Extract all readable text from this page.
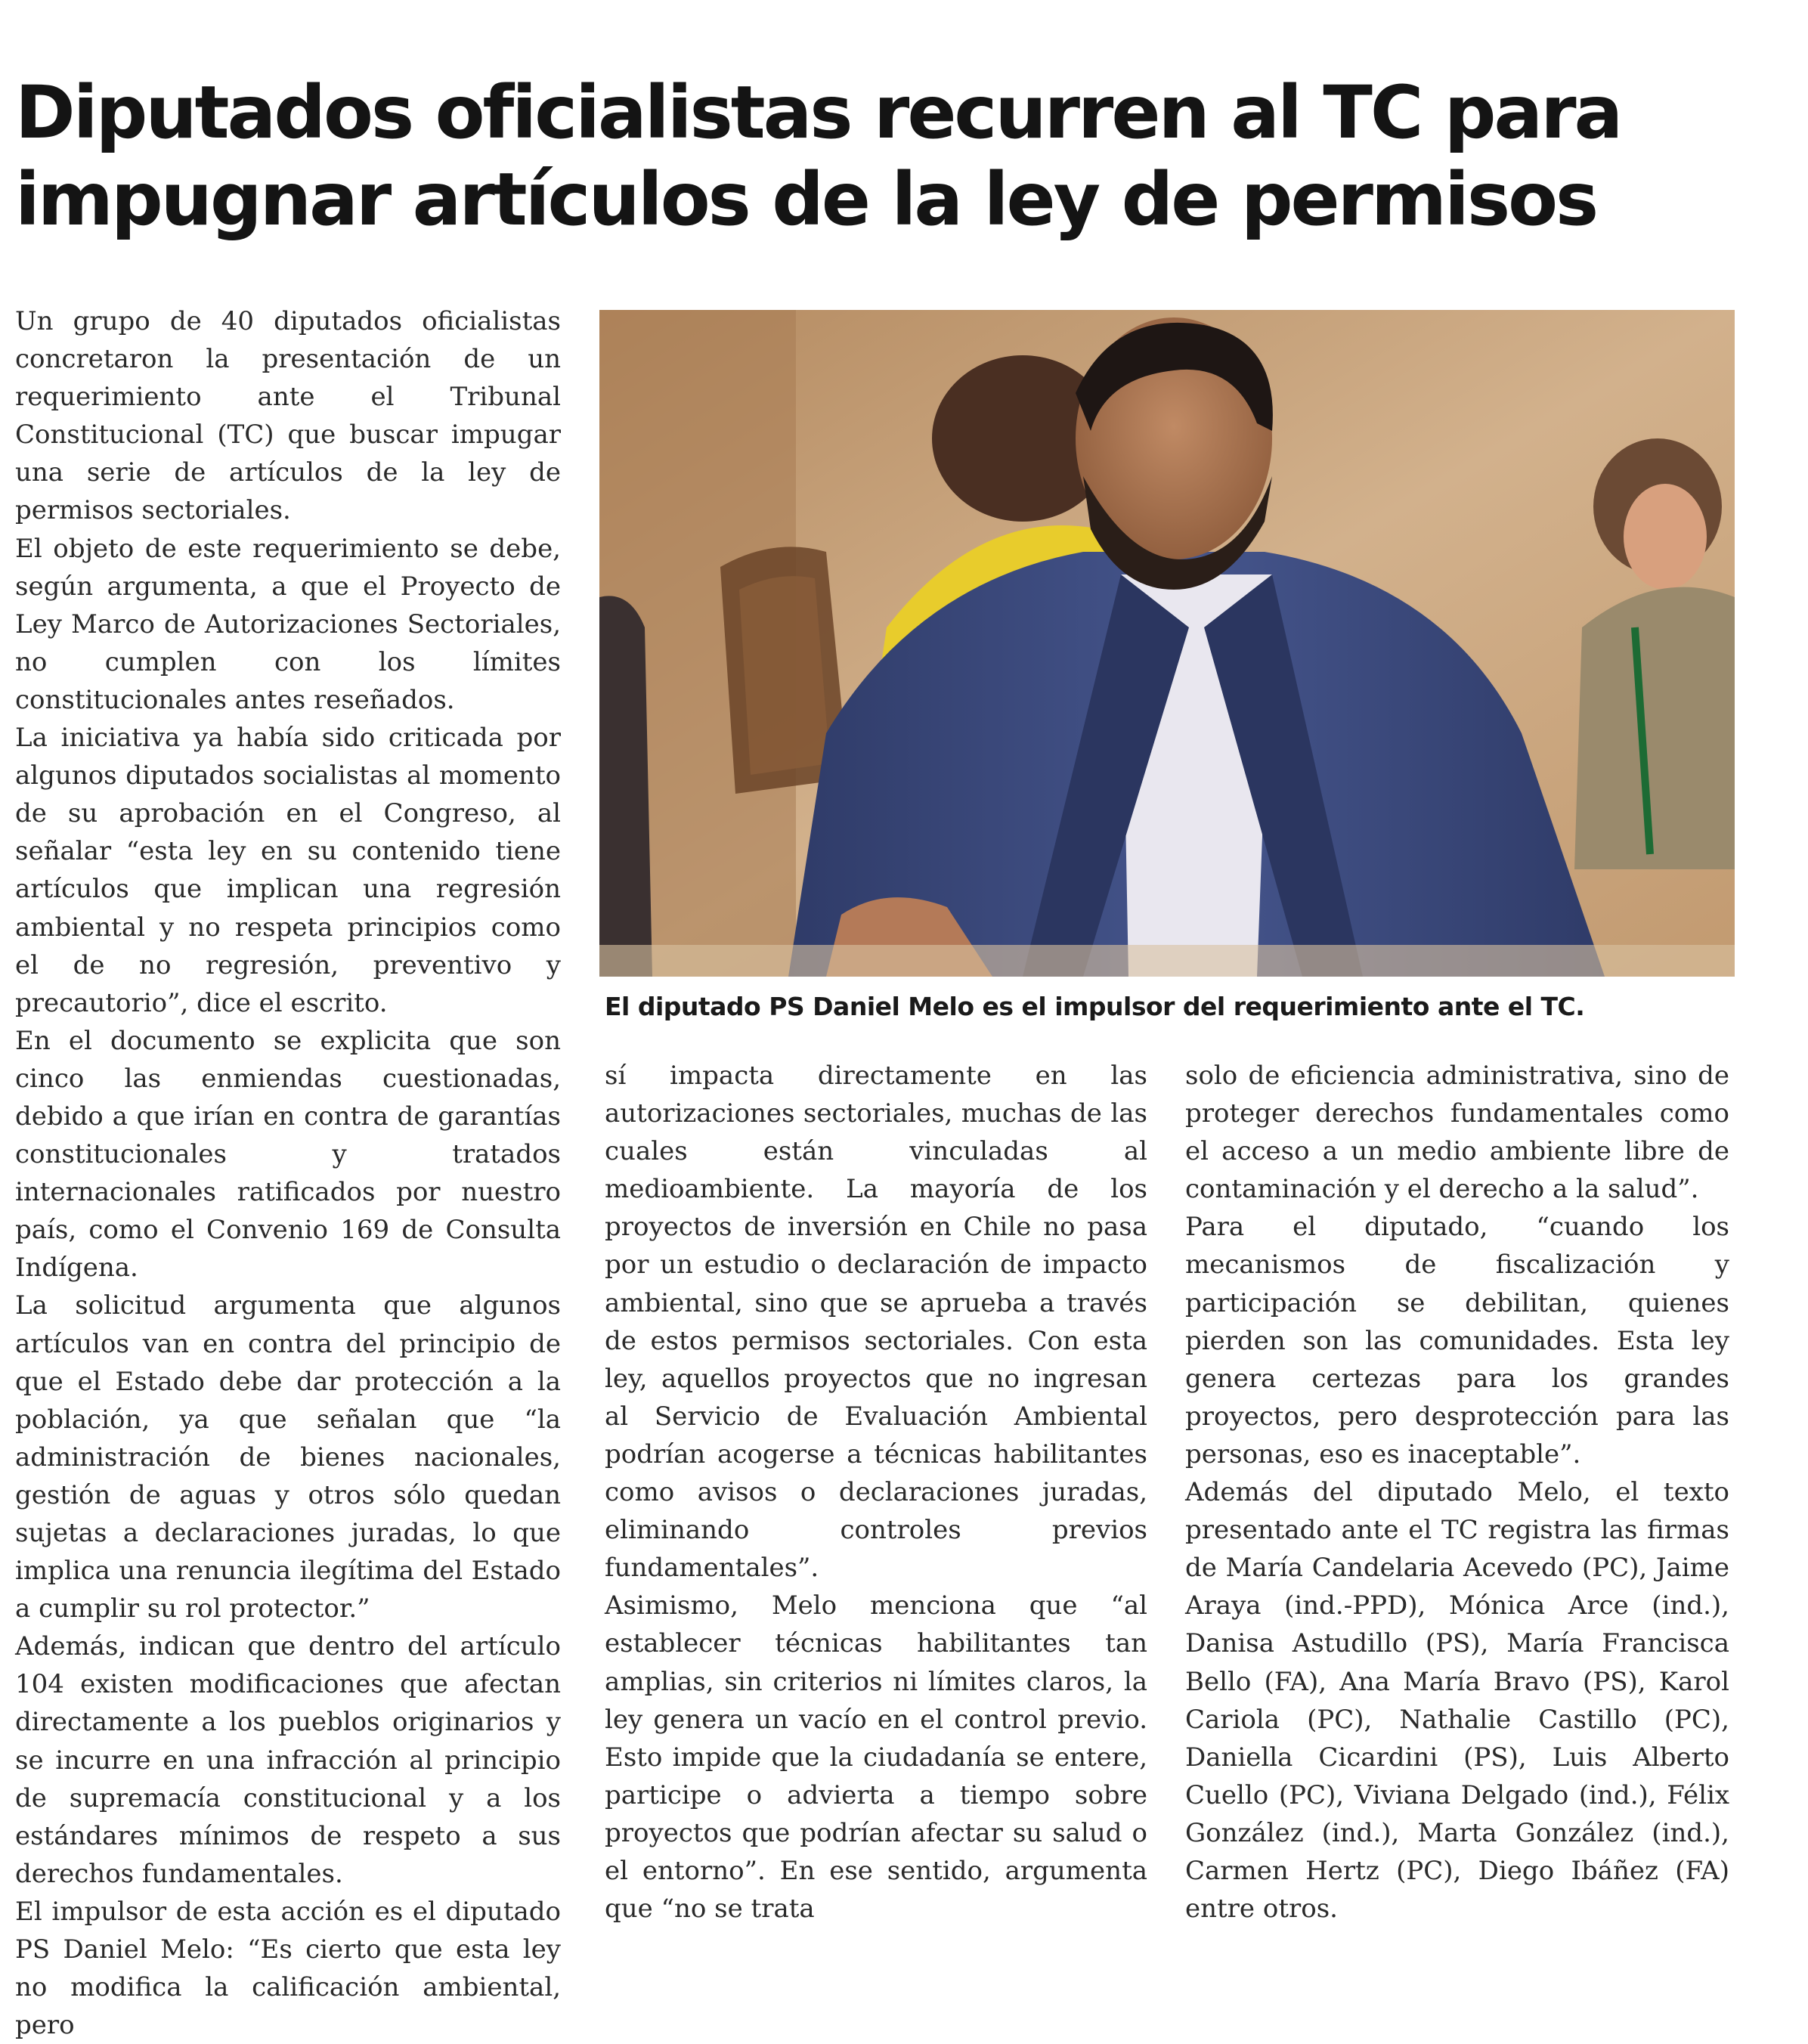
Diputados oficialistas recurren al TC para
impugnar artículos de la ley de permisos

Un grupo de 40 diputados oficialistas concretaron la presentación de un requerimiento ante el Tribunal Constitucional (TC) que buscar impugar una serie de artículos de la ley de permisos sectoriales.

El objeto de este requerimiento se debe, según argumenta, a que el Proyecto de Ley Marco de Autorizaciones Sectoriales, no cumplen con los límites constitucionales antes reseñados.

La iniciativa ya había sido criticada por algunos diputados socialistas al momento de su aprobación en el Congreso, al señalar “esta ley en su contenido tiene artículos que implican una regresión ambiental y no respeta principios como el de no regresión, preventivo y precautorio”, dice el escrito.

En el documento se explicita que son cinco las enmiendas cuestionadas, debido a que irían en contra de garantías constitucionales y tratados internacionales ratificados por nuestro país, como el Convenio 169 de Consulta Indígena.

La solicitud argumenta que algunos artículos van en contra del principio de que el Estado debe dar protección a la población, ya que señalan que “la administración de bienes nacionales, gestión de aguas y otros sólo quedan sujetas a declaraciones juradas, lo que implica una renuncia ilegítima del Estado a cumplir su rol protector.”

Además, indican que dentro del artículo 104 existen modificaciones que afectan directamente a los pueblos originarios y se incurre en una infracción al principio de supremacía constitucional y a los estándares mínimos de respeto a sus derechos fundamentales.

El impulsor de esta acción es el diputado PS Daniel Melo: “Es cierto que esta ley no modifica la calificación ambiental, pero

El diputado PS Daniel Melo es el impulsor del requerimiento ante el TC.

sí impacta directamente en las autorizaciones sectoriales, muchas de las cuales están vinculadas al medioambiente. La mayoría de los proyectos de inversión en Chile no pasa por un estudio o declaración de impacto ambiental, sino que se aprueba a través de estos permisos sectoriales. Con esta ley, aquellos proyectos que no ingresan al Servicio de Evaluación Ambiental podrían acogerse a técnicas habilitantes como avisos o declaraciones juradas, eliminando controles previos fundamentales”.

Asimismo, Melo menciona que “al establecer técnicas habilitantes tan amplias, sin criterios ni límites claros, la ley genera un vacío en el control previo. Esto impide que la ciudadanía se entere, participe o advierta a tiempo sobre proyectos que podrían afectar su salud o el entorno”. En ese sentido, argumenta que “no se trata

solo de eficiencia administrativa, sino de proteger derechos fundamentales como el acceso a un medio ambiente libre de contaminación y el derecho a la salud”.

Para el diputado, “cuando los mecanismos de fiscalización y participación se debilitan, quienes pierden son las comunidades. Esta ley genera certezas para los grandes proyectos, pero desprotección para las personas, eso es inaceptable”.

Además del diputado Melo, el texto presentado ante el TC registra las firmas de María Candelaria Acevedo (PC), Jaime Araya (ind.-PPD), Mónica Arce (ind.), Danisa Astudillo (PS), María Francisca Bello (FA), Ana María Bravo (PS), Karol Cariola (PC), Nathalie Castillo (PC), Daniella Cicardini (PS), Luis Alberto Cuello (PC), Viviana Delgado (ind.), Félix González (ind.), Marta González (ind.), Carmen Hertz (PC), Diego Ibáñez (FA) entre otros.
